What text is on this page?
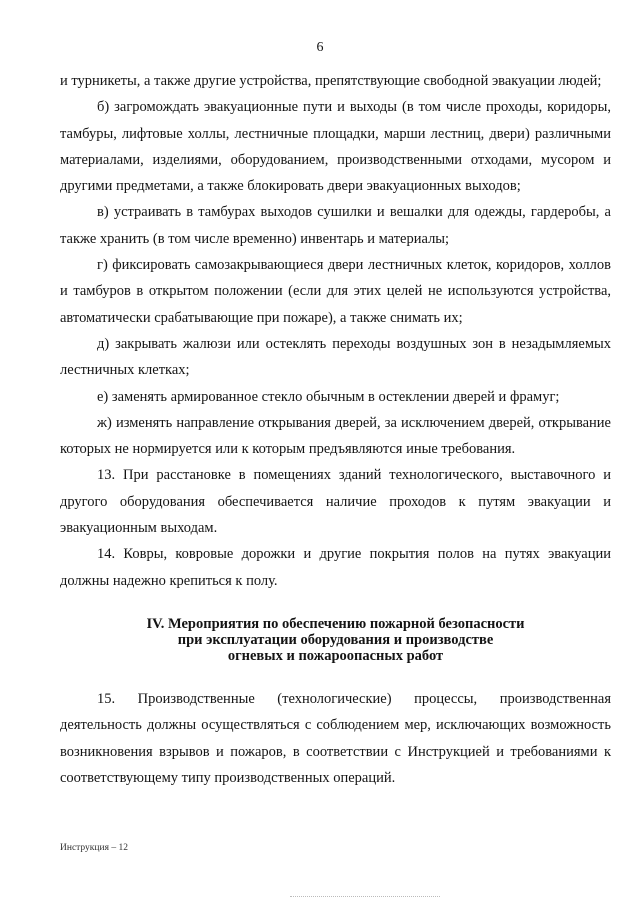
6

и турникеты, а также другие устройства, препятствующие свободной эвакуации людей;

б) загромождать эвакуационные пути и выходы (в том числе проходы, коридоры, тамбуры, лифтовые холлы, лестничные площадки, марши лестниц, двери) различными материалами, изделиями, оборудованием, производственными отходами, мусором и другими предметами, а также блокировать двери эвакуационных выходов;

в) устраивать в тамбурах выходов сушилки и вешалки для одежды, гардеробы, а также хранить (в том числе временно) инвентарь и материалы;

г) фиксировать самозакрывающиеся двери лестничных клеток, коридоров, холлов и тамбуров в открытом положении (если для этих целей не используются устройства, автоматически срабатывающие при пожаре), а также снимать их;

д) закрывать жалюзи или остеклять переходы воздушных зон в незадымляемых лестничных клетках;

е) заменять армированное стекло обычным в остеклении дверей и фрамуг;

ж) изменять направление открывания дверей, за исключением дверей, открывание которых не нормируется или к которым предъявляются иные требования.

13. При расстановке в помещениях зданий технологического, выставочного и другого оборудования обеспечивается наличие проходов к путям эвакуации и эвакуационным выходам.

14. Ковры, ковровые дорожки и другие покрытия полов на путях эвакуации должны надежно крепиться к полу.

IV. Мероприятия по обеспечению пожарной безопасности
при эксплуатации оборудования и производстве
огневых и пожароопасных работ

15. Производственные (технологические) процессы, производственная деятельность должны осуществляться с соблюдением мер, исключающих возможность возникновения взрывов и пожаров, в соответствии с Инструкцией и требованиями к соответствующему типу производственных операций.

Инструкция – 12
